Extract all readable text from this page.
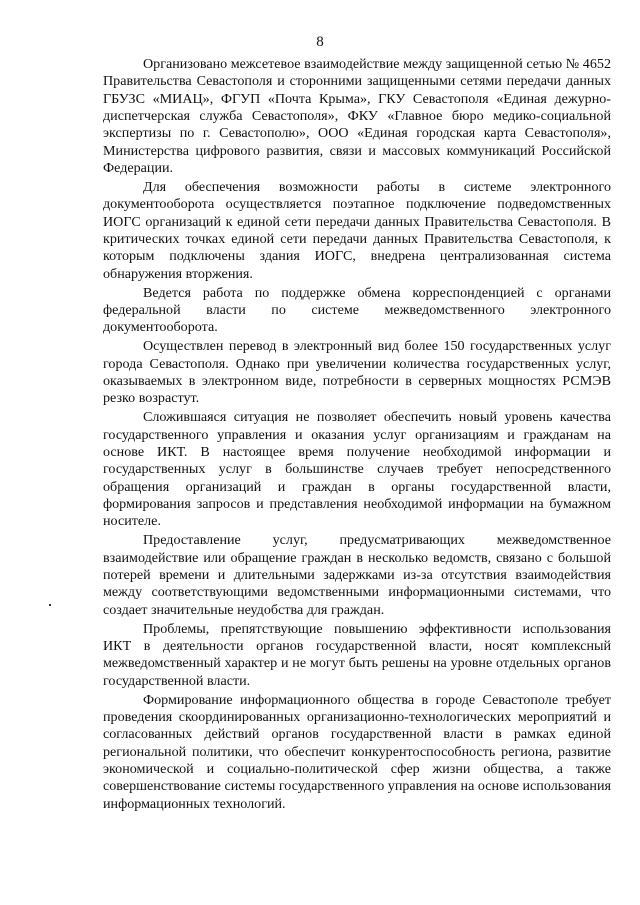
8

Организовано межсетевое взаимодействие между защищенной сетью № 4652 Правительства Севастополя и сторонними защищенными сетями передачи данных ГБУЗС «МИАЦ», ФГУП «Почта Крыма», ГКУ Севастополя «Единая дежурно-диспетчерская служба Севастополя», ФКУ «Главное бюро медико-социальной экспертизы по г. Севастополю», ООО «Единая городская карта Севастополя», Министерства цифрового развития, связи и массовых коммуникаций Российской Федерации.

Для обеспечения возможности работы в системе электронного документооборота осуществляется поэтапное подключение подведомственных ИОГС организаций к единой сети передачи данных Правительства Севастополя. В критических точках единой сети передачи данных Правительства Севастополя, к которым подключены здания ИОГС, внедрена централизованная система обнаружения вторжения.

Ведется работа по поддержке обмена корреспонденцией с органами федеральной власти по системе межведомственного электронного документооборота.

Осуществлен перевод в электронный вид более 150 государственных услуг города Севастополя. Однако при увеличении количества государственных услуг, оказываемых в электронном виде, потребности в серверных мощностях РСМЭВ резко возрастут.

Сложившаяся ситуация не позволяет обеспечить новый уровень качества государственного управления и оказания услуг организациям и гражданам на основе ИКТ. В настоящее время получение необходимой информации и государственных услуг в большинстве случаев требует непосредственного обращения организаций и граждан в органы государственной власти, формирования запросов и представления необходимой информации на бумажном носителе.

Предоставление услуг, предусматривающих межведомственное взаимодействие или обращение граждан в несколько ведомств, связано с большой потерей времени и длительными задержками из-за отсутствия взаимодействия между соответствующими ведомственными информационными системами, что создает значительные неудобства для граждан.

Проблемы, препятствующие повышению эффективности использования ИКТ в деятельности органов государственной власти, носят комплексный межведомственный характер и не могут быть решены на уровне отдельных органов государственной власти.

Формирование информационного общества в городе Севастополе требует проведения скоординированных организационно-технологических мероприятий и согласованных действий органов государственной власти в рамках единой региональной политики, что обеспечит конкурентоспособность региона, развитие экономической и социально-политической сфер жизни общества, а также совершенствование системы государственного управления на основе использования информационных технологий.
